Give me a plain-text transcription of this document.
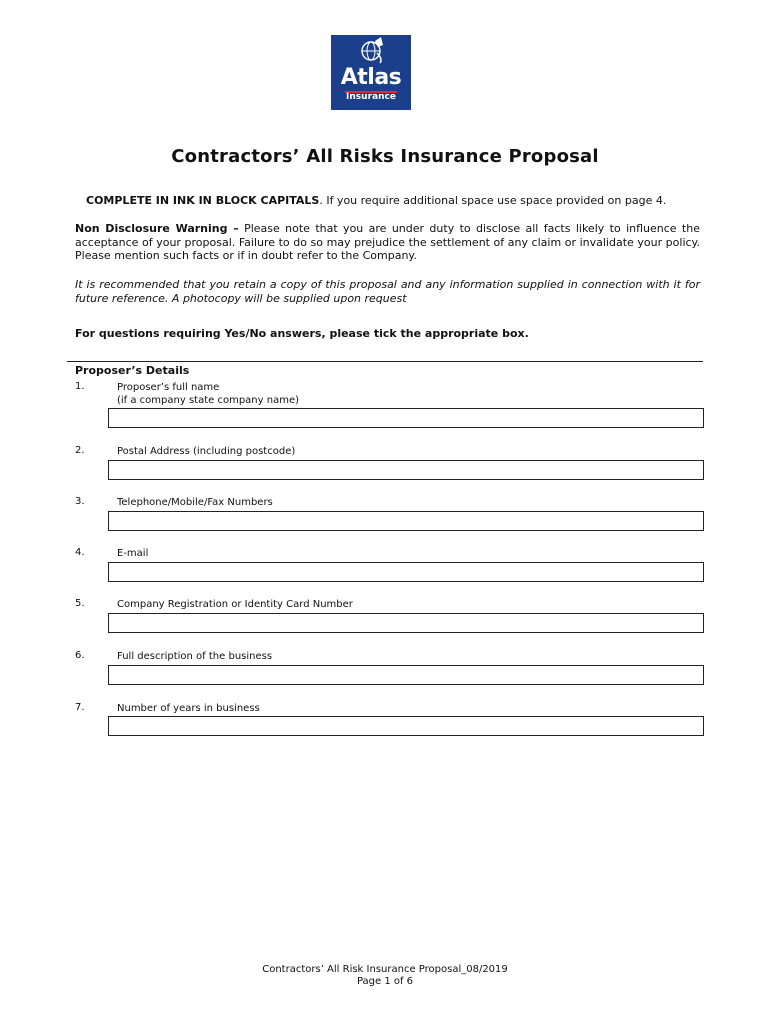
Atlas
Insurance
Contractors’ All Risks Insurance Proposal

COMPLETE IN INK IN BLOCK CAPITALS. If you require additional space use space provided on page 4.

Non Disclosure Warning – Please note that you are under duty to disclose all facts likely to influence the acceptance of your proposal. Failure to do so may prejudice the settlement of any claim or invalidate your policy. Please mention such facts or if in doubt refer to the Company.

It is recommended that you retain a copy of this proposal and any information supplied in connection with it for future reference. A photocopy will be supplied upon request

For questions requiring Yes/No answers, please tick the appropriate box.

Proposer’s Details
1.	Proposer’s full name
(if a company state company name)
2.	Postal Address (including postcode)
3.	Telephone/Mobile/Fax Numbers
4.	E-mail
5.	Company Registration or Identity Card Number
6.	Full description of the business
7.	Number of years in business
Contractors’ All Risk Insurance Proposal_08/2019
Page 1 of 6
